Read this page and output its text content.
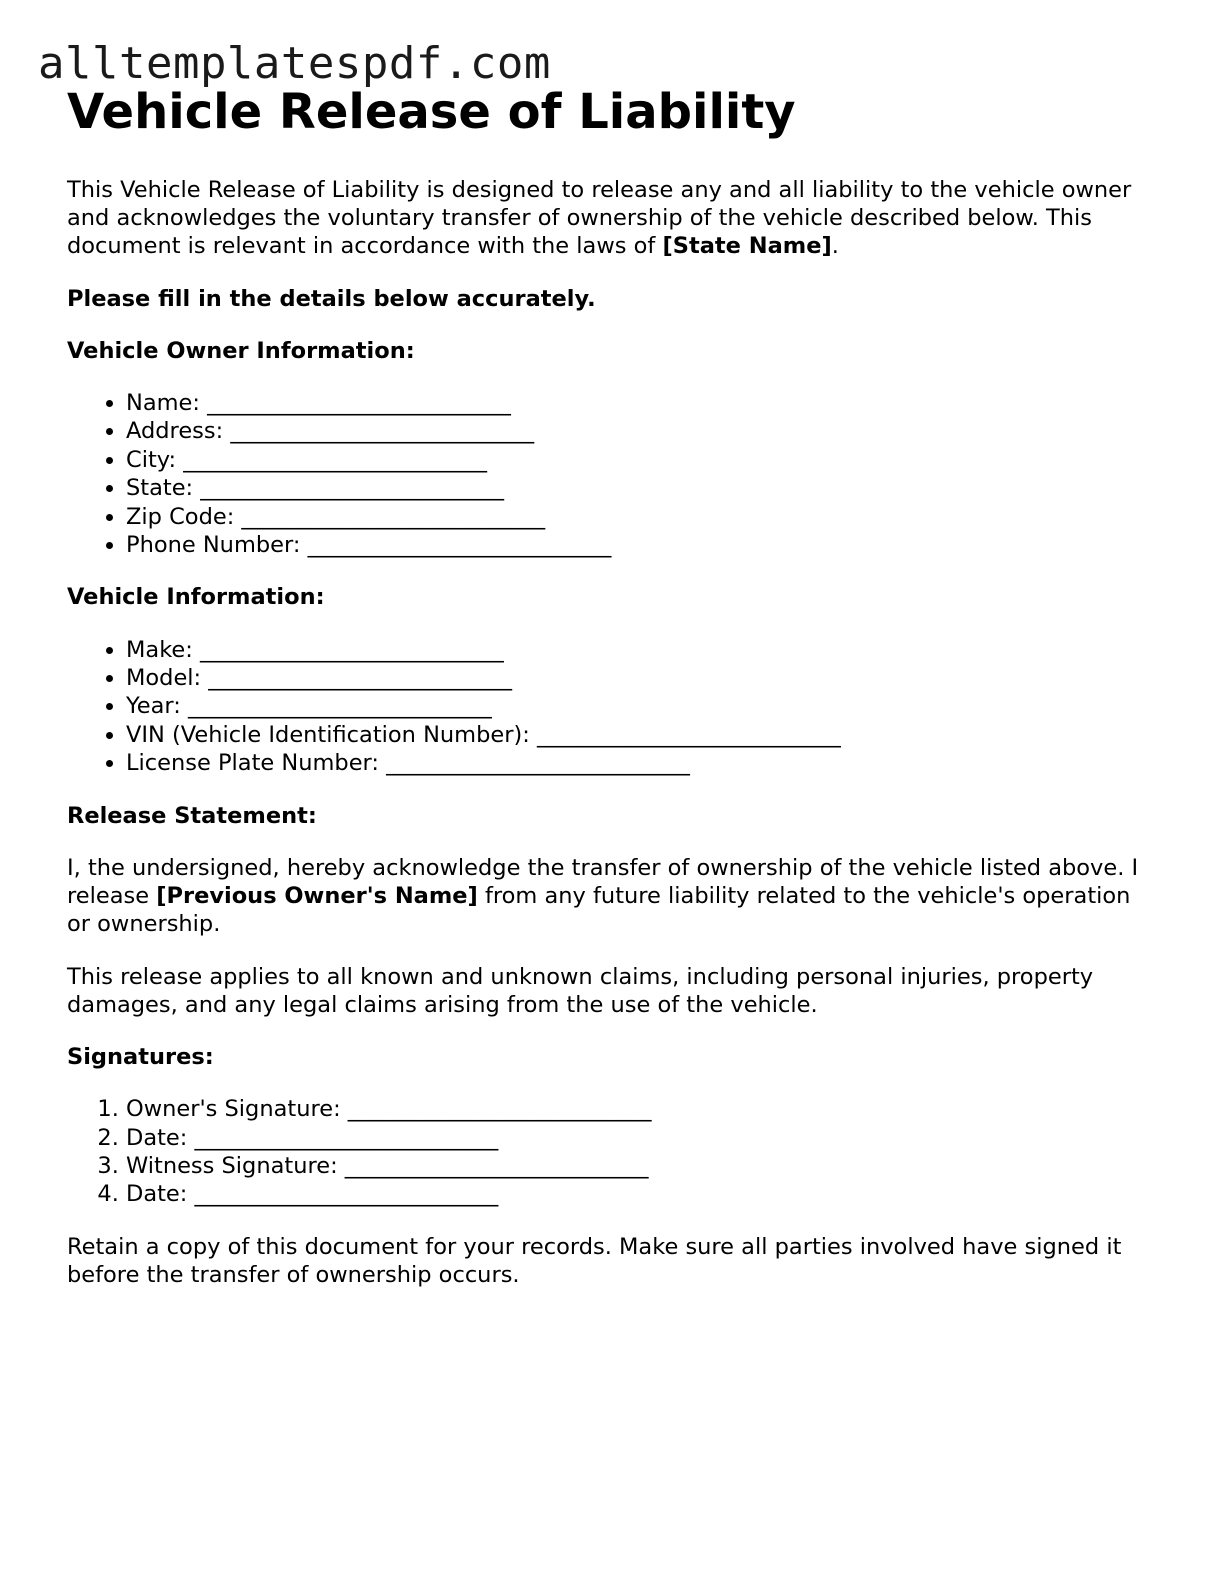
alltemplatespdf.com
Vehicle Release of Liability

This Vehicle Release of Liability is designed to release any and all liability to the vehicle owner and acknowledges the voluntary transfer of ownership of the vehicle described below. This document is relevant in accordance with the laws of [State Name].

Please fill in the details below accurately.

Vehicle Owner Information:
• Name: ___________________________
• Address: ___________________________
• City: ___________________________
• State: ___________________________
• Zip Code: ___________________________
• Phone Number: ___________________________
Vehicle Information:
• Make: ___________________________
• Model: ___________________________
• Year: ___________________________
• VIN (Vehicle Identification Number): ___________________________
• License Plate Number: ___________________________
Release Statement:

I, the undersigned, hereby acknowledge the transfer of ownership of the vehicle listed above. I release [Previous Owner's Name] from any future liability related to the vehicle's operation or ownership.

This release applies to all known and unknown claims, including personal injuries, property damages, and any legal claims arising from the use of the vehicle.

Signatures:
1. Owner's Signature: ___________________________
2. Date: ___________________________
3. Witness Signature: ___________________________
4. Date: ___________________________

Retain a copy of this document for your records. Make sure all parties involved have signed it before the transfer of ownership occurs.
